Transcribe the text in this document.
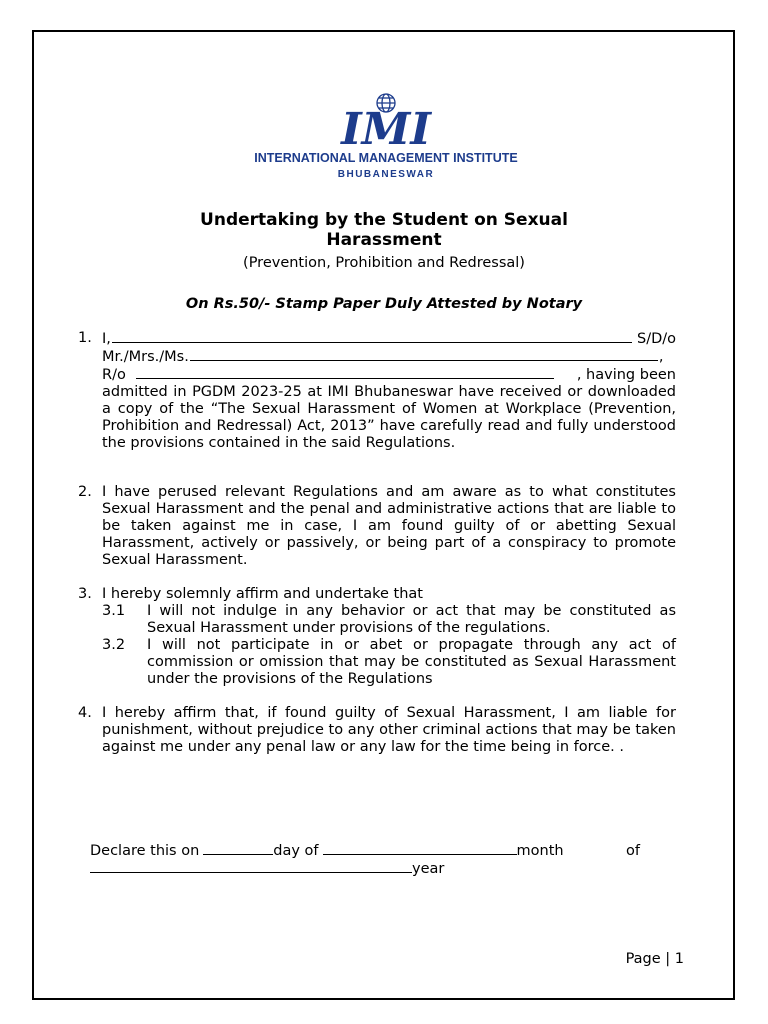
IMI
INTERNATIONAL MANAGEMENT INSTITUTE
BHUBANESWAR
Undertaking by the Student on Sexual
Harassment

(Prevention, Prohibition and Redressal)

On Rs.50/- Stamp Paper Duly Attested by Notary

1. I,	S/D/o
Mr./Mrs./Ms.	,
R/o	, having been
admitted in PGDM 2023-25 at IMI Bhubaneswar have received or downloaded a copy of the “The Sexual Harassment of Women at Workplace (Prevention, Prohibition and Redressal) Act, 2013” have carefully read and fully understood the provisions contained in the said Regulations.
2. I have perused relevant Regulations and am aware as to what constitutes Sexual Harassment and the penal and administrative actions that are liable to be taken against me in case, I am found guilty of or abetting Sexual Harassment, actively or passively, or being part of a conspiracy to promote Sexual Harassment.
3. I hereby solemnly affirm and undertake that
3.1 I will not indulge in any behavior or act that may be constituted as Sexual Harassment under provisions of the regulations.
3.2 I will not participate in or abet or propagate through any act of commission or omission that may be constituted as Sexual Harassment under the provisions of the Regulations
4. I hereby affirm that, if found guilty of Sexual Harassment, I am liable for punishment, without prejudice to any other criminal actions that may be taken against me under any penal law or any law for the time being in force. .
Declare this on	day of	month	of
year
Page | 1
